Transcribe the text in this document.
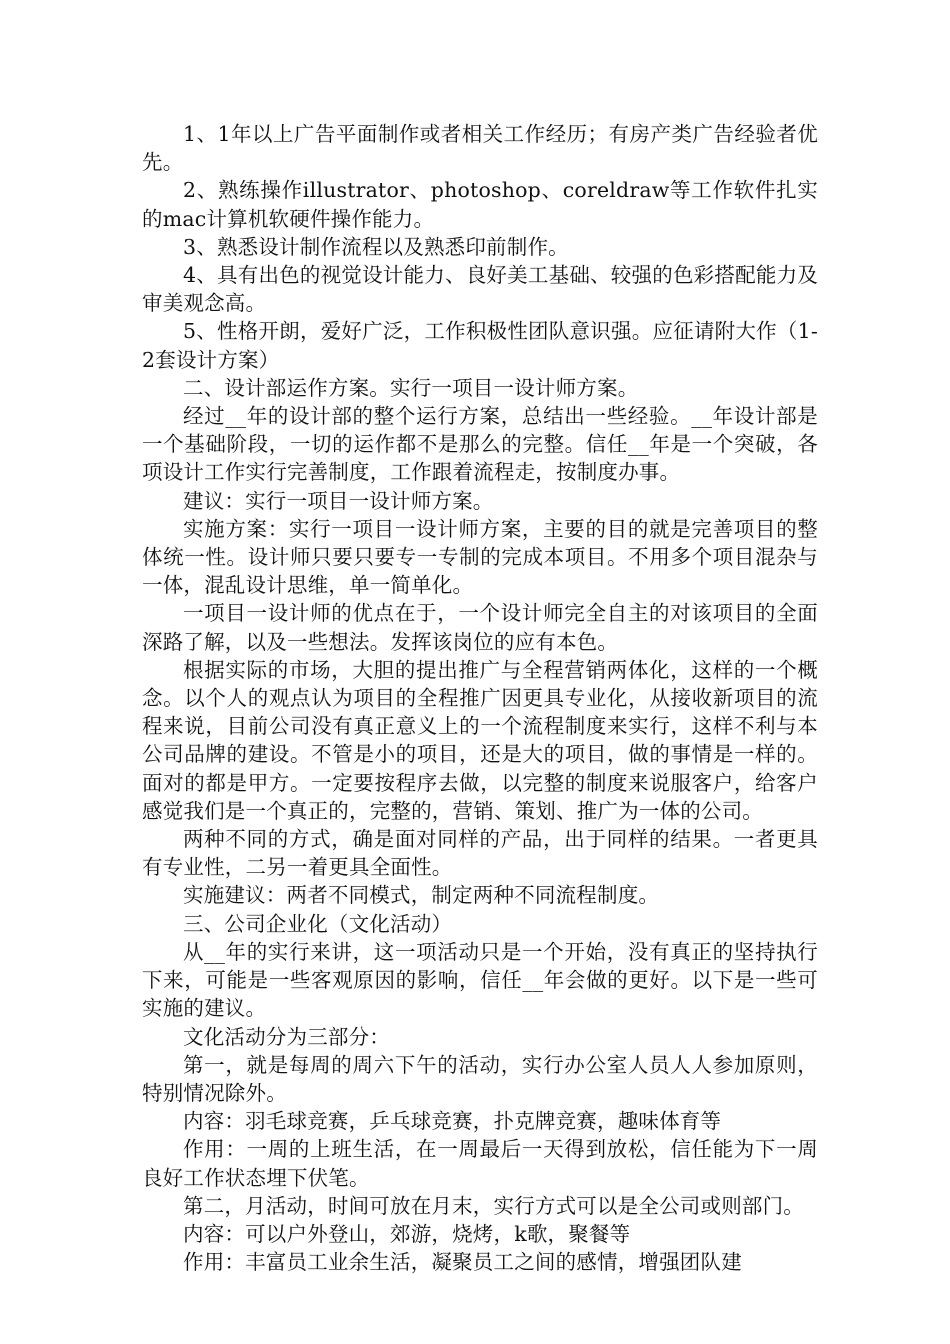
1、1年以上广告平面制作或者相关工作经历；有房产类广告经验者优先。

2、熟练操作illustrator、photoshop、coreldraw等工作软件扎实的mac计算机软硬件操作能力。

3、熟悉设计制作流程以及熟悉印前制作。

4、具有出色的视觉设计能力、良好美工基础、较强的色彩搭配能力及审美观念高。

5、性格开朗，爱好广泛，工作积极性团队意识强。应征请附大作（1-2套设计方案）

二、设计部运作方案。实行一项目一设计师方案。

经过__年的设计部的整个运行方案，总结出一些经验。__年设计部是一个基础阶段，一切的运作都不是那么的完整。信任__年是一个突破，各项设计工作实行完善制度，工作跟着流程走，按制度办事。

建议：实行一项目一设计师方案。

实施方案：实行一项目一设计师方案，主要的目的就是完善项目的整体统一性。设计师只要只要专一专制的完成本项目。不用多个项目混杂与一体，混乱设计思维，单一简单化。

一项目一设计师的优点在于，一个设计师完全自主的对该项目的全面深路了解，以及一些想法。发挥该岗位的应有本色。

根据实际的市场，大胆的提出推广与全程营销两体化，这样的一个概念。以个人的观点认为项目的全程推广因更具专业化，从接收新项目的流程来说，目前公司没有真正意义上的一个流程制度来实行，这样不利与本公司品牌的建设。不管是小的项目，还是大的项目，做的事情是一样的。面对的都是甲方。一定要按程序去做，以完整的制度来说服客户，给客户感觉我们是一个真正的，完整的，营销、策划、推广为一体的公司。

两种不同的方式，确是面对同样的产品，出于同样的结果。一者更具有专业性，二另一着更具全面性。

实施建议：两者不同模式，制定两种不同流程制度。

三、公司企业化（文化活动）

从__年的实行来讲，这一项活动只是一个开始，没有真正的坚持执行下来，可能是一些客观原因的影响，信任__年会做的更好。以下是一些可实施的建议。

文化活动分为三部分：

第一，就是每周的周六下午的活动，实行办公室人员人人参加原则，特别情况除外。

内容：羽毛球竞赛，乒乓球竞赛，扑克牌竞赛，趣味体育等

作用：一周的上班生活，在一周最后一天得到放松，信任能为下一周良好工作状态埋下伏笔。

第二，月活动，时间可放在月末，实行方式可以是全公司或则部门。

内容：可以户外登山，郊游，烧烤，k歌，聚餐等

作用：丰富员工业余生活，凝聚员工之间的感情，增强团队建
